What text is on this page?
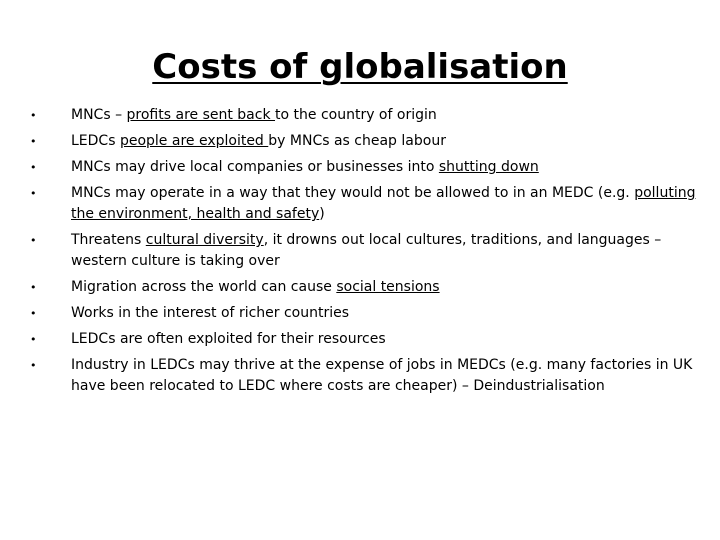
Costs of globalisation
• MNCs – profits are sent back to the country of origin
• LEDCs people are exploited by MNCs as cheap labour
• MNCs may drive local companies or businesses into shutting down
• MNCs may operate in a way that they would not be allowed to in an MEDC (e.g. polluting the environment, health and safety)
• Threatens cultural diversity, it drowns out local cultures, traditions, and languages – western culture is taking over
• Migration across the world can cause social tensions
• Works in the interest of richer countries
• LEDCs are often exploited for their resources
• Industry in LEDCs may thrive at the expense of jobs in MEDCs (e.g. many factories in UK have been relocated to LEDC where costs are cheaper) – Deindustrialisation
